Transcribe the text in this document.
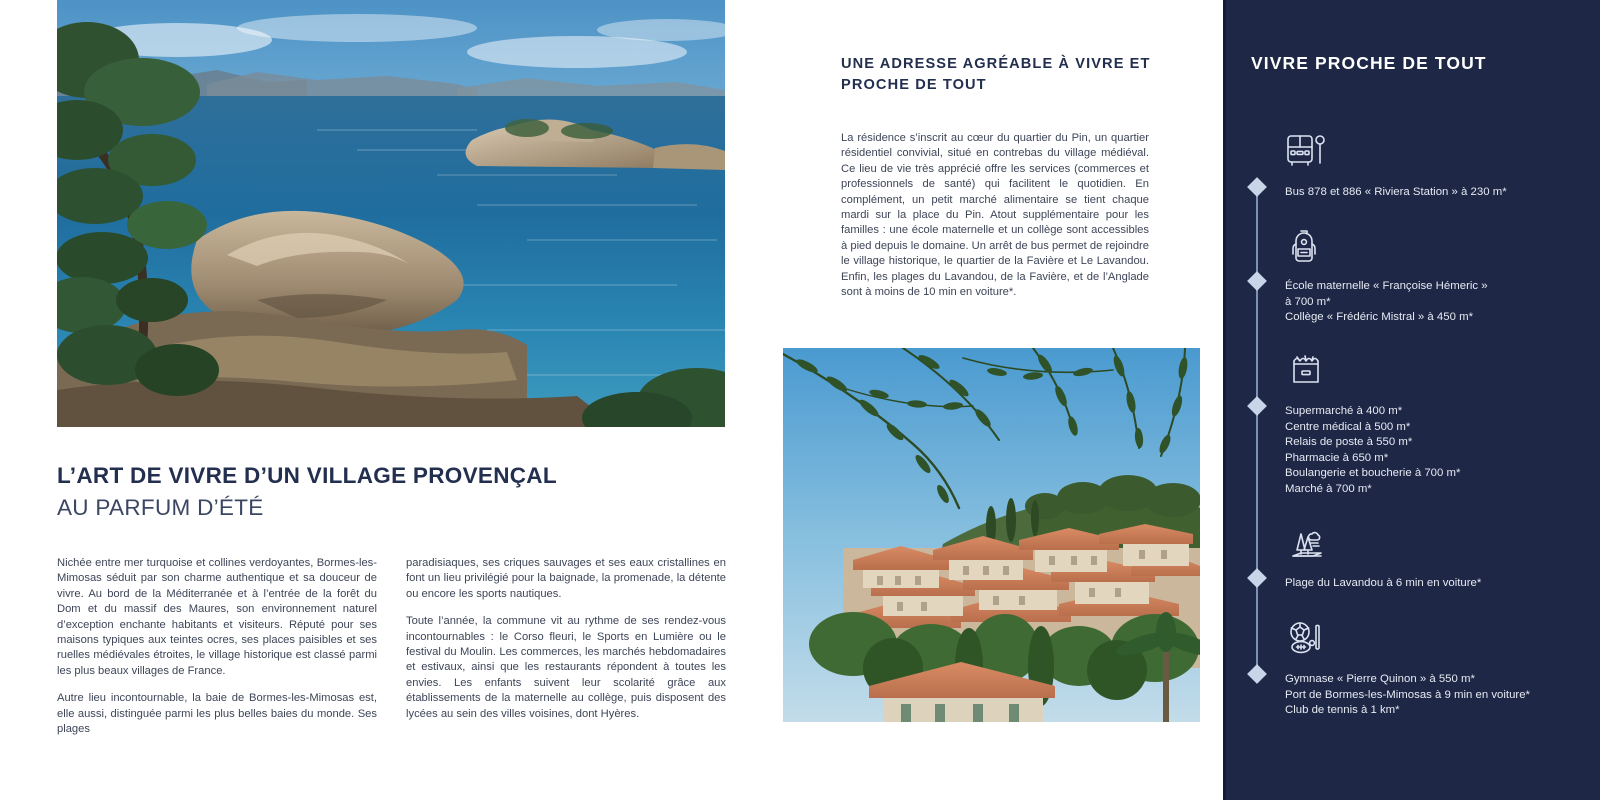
L’ART DE VIVRE D’UN VILLAGE PROVENÇAL
AU PARFUM D’ÉTÉ

Nichée entre mer turquoise et collines verdoyantes, Bormes-les-Mimosas séduit par son charme authentique et sa douceur de vivre. Au bord de la Méditerranée et à l’entrée de la forêt du Dom et du massif des Maures, son environnement naturel d’exception enchante habitants et visiteurs. Réputé pour ses maisons typiques aux teintes ocres, ses places paisibles et ses ruelles médiévales étroites, le village historique est classé parmi les plus beaux villages de France.

Autre lieu incontournable, la baie de Bormes-les-Mimosas est, elle aussi, distinguée parmi les plus belles baies du monde. Ses plages

paradisiaques, ses criques sauvages et ses eaux cristallines en font un lieu privilégié pour la baignade, la promenade, la détente ou encore les sports nautiques.

Toute l’année, la commune vit au rythme de ses rendez-vous incontournables : le Corso fleuri, le Sports en Lumière ou le festival du Moulin. Les commerces, les marchés hebdomadaires et estivaux, ainsi que les restaurants répondent à toutes les envies. Les enfants suivent leur scolarité grâce aux établissements de la maternelle au collège, puis disposent des lycées au sein des villes voisines, dont Hyères.

UNE ADRESSE AGRÉABLE À VIVRE ET PROCHE DE TOUT
La résidence s’inscrit au cœur du quartier du Pin, un quartier résidentiel convivial, situé en contrebas du village médiéval. Ce lieu de vie très apprécié offre les services (commerces et professionnels de santé) qui facilitent le quotidien. En complément, un petit marché alimentaire se tient chaque mardi sur la place du Pin. Atout supplémentaire pour les familles : une école maternelle et un collège sont accessibles à pied depuis le domaine. Un arrêt de bus permet de rejoindre le village historique, le quartier de la Favière et Le Lavandou. Enfin, les plages du Lavandou, de la Favière, et de l’Anglade sont à moins de 10 min en voiture*.
VIVRE PROCHE DE TOUT
Bus 878 et 886 « Riviera Station » à 230 m*
École maternelle « Françoise Hémeric »
à 700 m*
Collège « Frédéric Mistral » à 450 m*
Supermarché à 400 m*
Centre médical à 500 m*
Relais de poste à 550 m*
Pharmacie à 650 m*
Boulangerie et boucherie à 700 m*
Marché à 700 m*
Plage du Lavandou à 6 min en voiture*
Gymnase « Pierre Quinon » à 550 m*
Port de Bormes-les-Mimosas à 9 min en voiture*
Club de tennis à 1 km*
